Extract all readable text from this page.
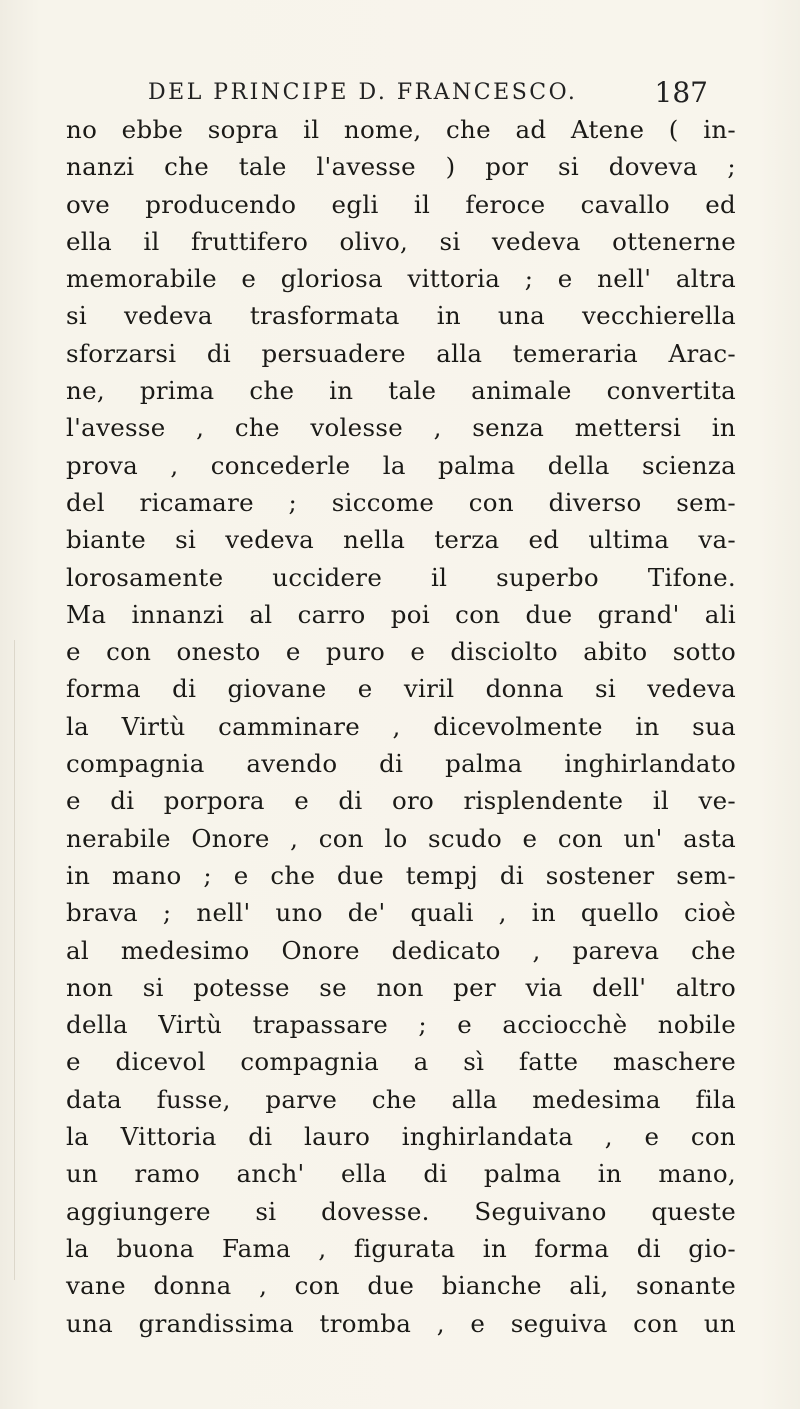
DEL PRINCIPE D. FRANCESCO.	187
no ebbe sopra il nome, che ad Atene ( in-
nanzi che tale l'avesse ) por si doveva ;
ove producendo egli il feroce cavallo ed
ella il fruttifero olivo, si vedeva ottenerne
memorabile e gloriosa vittoria ; e nell' altra
si vedeva trasformata in una vecchierella
sforzarsi di persuadere alla temeraria Arac-
ne, prima che in tale animale convertita
l'avesse , che volesse , senza mettersi in
prova , concederle la palma della scienza
del ricamare ; siccome con diverso sem-
biante si vedeva nella terza ed ultima va-
lorosamente uccidere il superbo Tifone.
Ma innanzi al carro poi con due grand' ali
e con onesto e puro e disciolto abito sotto
forma di giovane e viril donna si vedeva
la Virtù camminare , dicevolmente in sua
compagnia avendo di palma inghirlandato
e di porpora e di oro risplendente il ve-
nerabile Onore , con lo scudo e con un' asta
in mano ; e che due tempj di sostener sem-
brava ; nell' uno de' quali , in quello cioè
al medesimo Onore dedicato , pareva che
non si potesse se non per via dell' altro
della Virtù trapassare ; e acciocchè nobile
e dicevol compagnia a sì fatte maschere
data fusse, parve che alla medesima fila
la Vittoria di lauro inghirlandata , e con
un ramo anch' ella di palma in mano,
aggiungere si dovesse. Seguivano queste
la buona Fama , figurata in forma di gio-
vane donna , con due bianche ali, sonante
una grandissima tromba , e seguiva con un
